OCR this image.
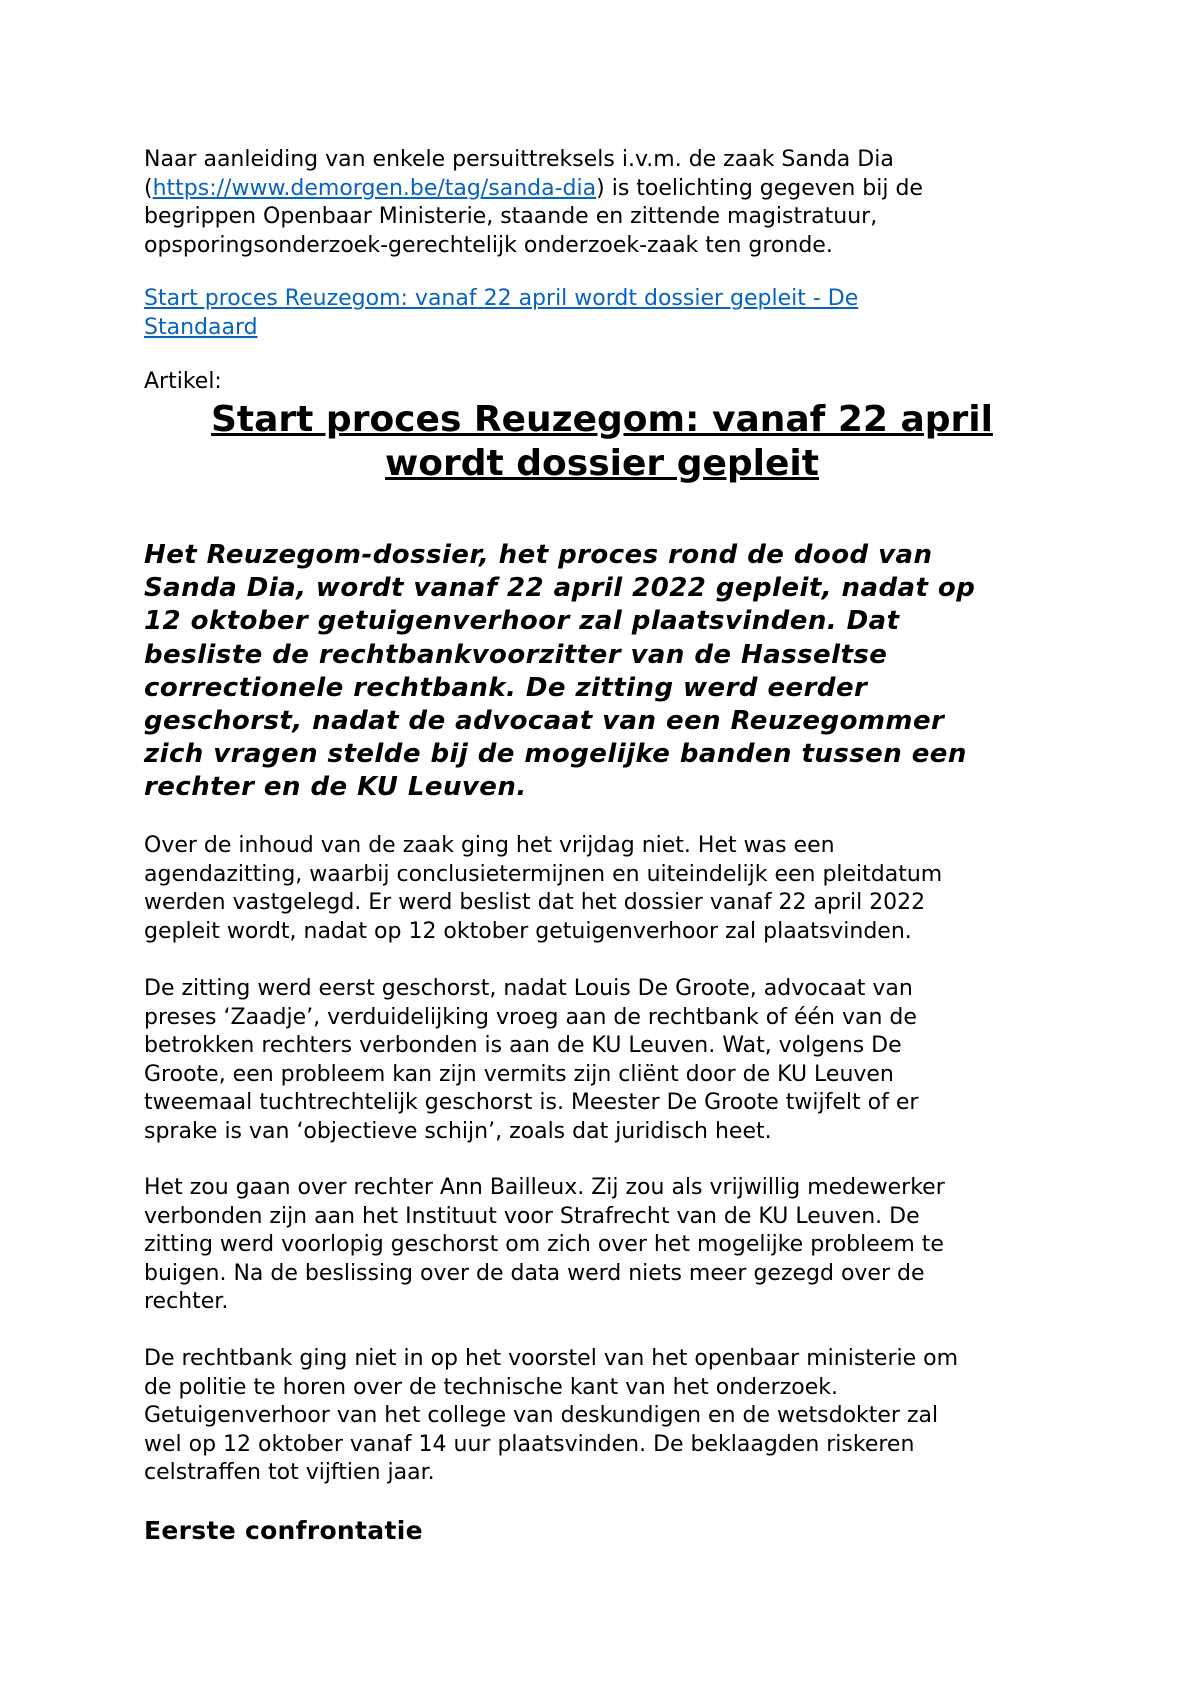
Naar aanleiding van enkele persuittreksels i.v.m. de zaak Sanda Dia
(https://www.demorgen.be/tag/sanda-dia) is toelichting gegeven bij de
begrippen Openbaar Ministerie, staande en zittende magistratuur,
opsporingsonderzoek-gerechtelijk onderzoek-zaak ten gronde.
Start proces Reuzegom: vanaf 22 april wordt dossier gepleit - De
Standaard
Artikel:
Start proces Reuzegom: vanaf 22 april
wordt dossier gepleit
Het Reuzegom-dossier, het proces rond de dood van
Sanda Dia, wordt vanaf 22 april 2022 gepleit, nadat op
12 oktober getuigenverhoor zal plaatsvinden. Dat
besliste de rechtbankvoorzitter van de Hasseltse
correctionele rechtbank. De zitting werd eerder
geschorst, nadat de advocaat van een Reuzegommer
zich vragen stelde bij de mogelijke banden tussen een
rechter en de KU Leuven.
Over de inhoud van de zaak ging het vrijdag niet. Het was een
agendazitting, waarbij conclusietermijnen en uiteindelijk een pleitdatum
werden vastgelegd. Er werd beslist dat het dossier vanaf 22 april 2022
gepleit wordt, nadat op 12 oktober getuigenverhoor zal plaatsvinden.
De zitting werd eerst geschorst, nadat Louis De Groote, advocaat van
preses ‘Zaadje’, verduidelijking vroeg aan de rechtbank of één van de
betrokken rechters verbonden is aan de KU Leuven. Wat, volgens De
Groote, een probleem kan zijn vermits zijn cliënt door de KU Leuven
tweemaal tuchtrechtelijk geschorst is. Meester De Groote twijfelt of er
sprake is van ‘objectieve schijn’, zoals dat juridisch heet.
Het zou gaan over rechter Ann Bailleux. Zij zou als vrijwillig medewerker
verbonden zijn aan het Instituut voor Strafrecht van de KU Leuven. De
zitting werd voorlopig geschorst om zich over het mogelijke probleem te
buigen. Na de beslissing over de data werd niets meer gezegd over de
rechter.
De rechtbank ging niet in op het voorstel van het openbaar ministerie om
de politie te horen over de technische kant van het onderzoek.
Getuigenverhoor van het college van deskundigen en de wetsdokter zal
wel op 12 oktober vanaf 14 uur plaatsvinden. De beklaagden riskeren
celstraffen tot vijftien jaar.
Eerste confrontatie
